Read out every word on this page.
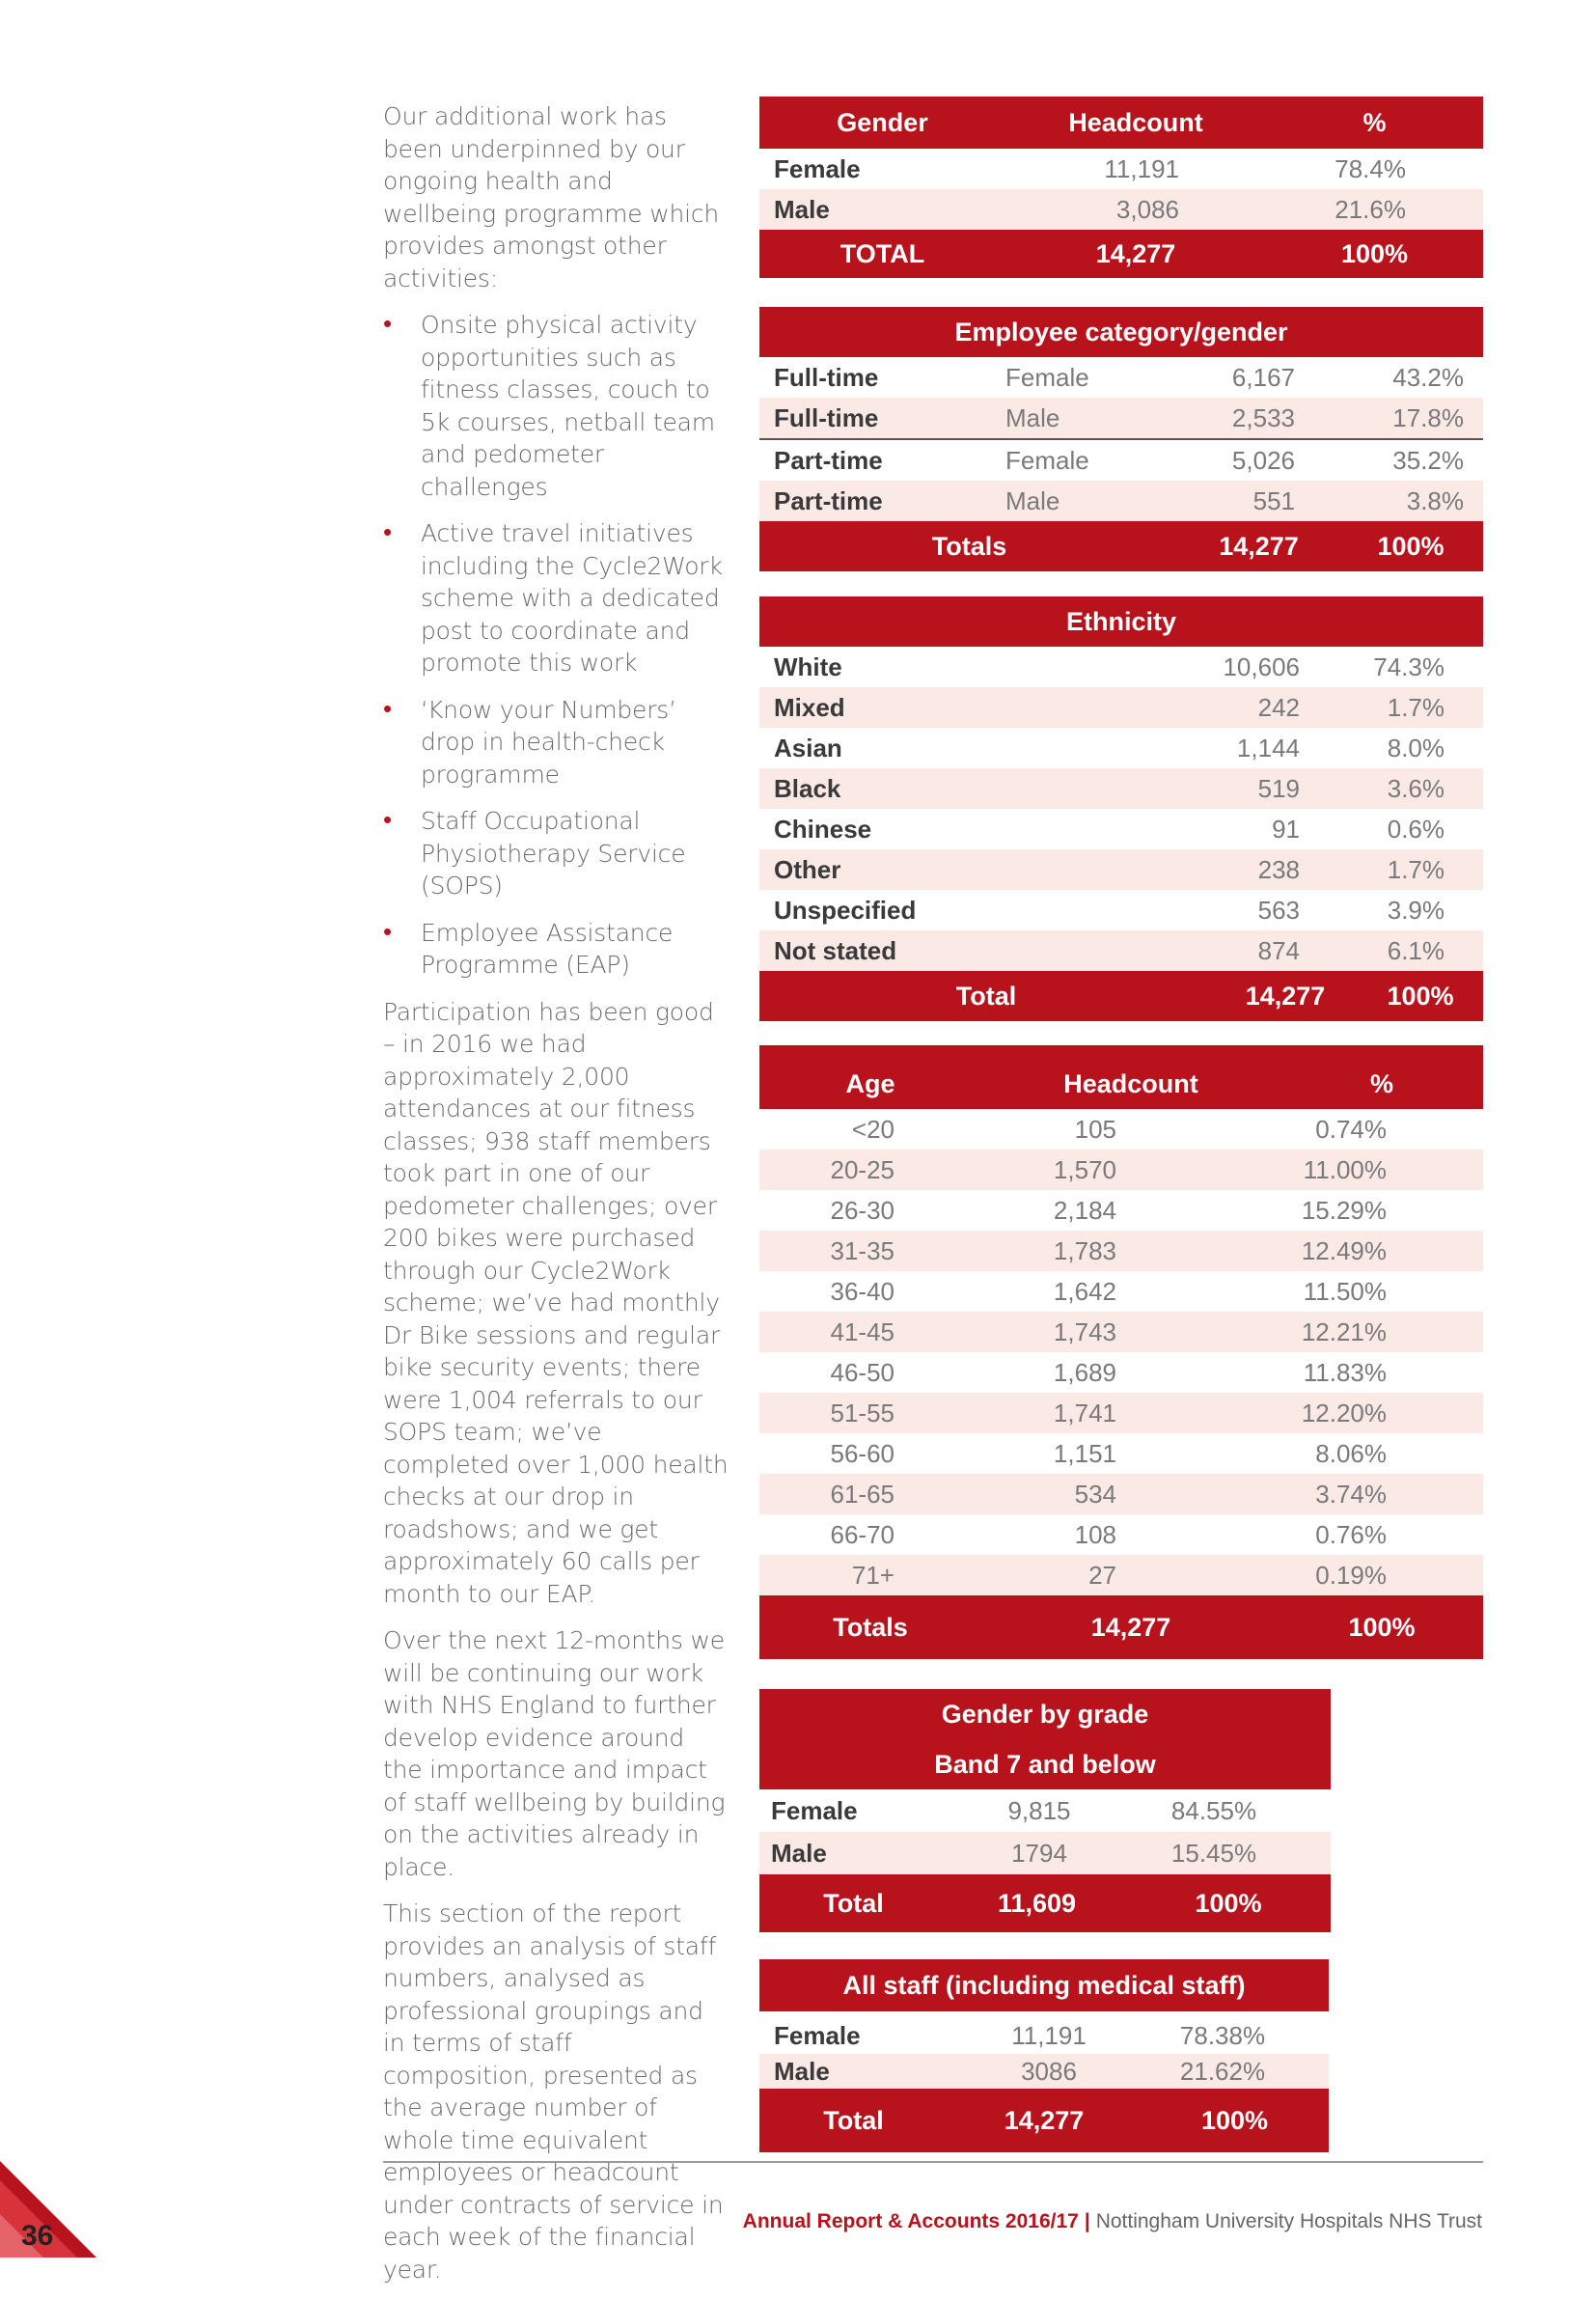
Our additional work has been underpinned by our ongoing health and wellbeing programme which provides amongst other activities:

• Onsite physical activity opportunities such as fitness classes, couch to 5k courses, netball team and pedometer challenges
• Active travel initiatives including the Cycle2Work scheme with a dedicated post to coordinate and promote this work
• ‘Know your Numbers’ drop in health-check programme
• Staff Occupational Physiotherapy Service (SOPS)
• Employee Assistance Programme (EAP)

Participation has been good – in 2016 we had approximately 2,000 attendances at our fitness classes; 938 staff members took part in one of our pedometer challenges; over 200 bikes were purchased through our Cycle2Work scheme; we’ve had monthly Dr Bike sessions and regular bike security events; there were 1,004 referrals to our SOPS team; we’ve completed over 1,000 health checks at our drop in roadshows; and we get approximately 60 calls per month to our EAP.

Over the next 12-months we will be continuing our work with NHS England to further develop evidence around the importance and impact of staff wellbeing by building on the activities already in place.

This section of the report provides an analysis of staff numbers, analysed as professional groupings and in terms of staff composition, presented as the average number of whole time equivalent employees or headcount under contracts of service in each week of the financial year.

Gender	Headcount	%
Female	11,191	78.4%
Male	3,086	21.6%
TOTAL	14,277	100%
Employee category/gender
Full-time	Female	6,167	43.2%
Full-time	Male	2,533	17.8%
Part-time	Female	5,026	35.2%
Part-time	Male	551	3.8%
Totals	14,277	100%
Ethnicity
White	10,606	74.3%
Mixed	242	1.7%
Asian	1,144	8.0%
Black	519	3.6%
Chinese	91	0.6%
Other	238	1.7%
Unspecified	563	3.9%
Not stated	874	6.1%
Total	14,277	100%
Age	Headcount	%
<20	105	0.74%
20-25	1,570	11.00%
26-30	2,184	15.29%
31-35	1,783	12.49%
36-40	1,642	11.50%
41-45	1,743	12.21%
46-50	1,689	11.83%
51-55	1,741	12.20%
56-60	1,151	8.06%
61-65	534	3.74%
66-70	108	0.76%
71+	27	0.19%
Totals	14,277	100%
Gender by grade
Band 7 and below
Female	9,815	84.55%
Male	1794	15.45%
Total	11,609	100%
All staff (including medical staff)
Female	11,191	78.38%
Male	3086	21.62%
Total	14,277	100%
Annual Report & Accounts 2016/17 | Nottingham University Hospitals NHS Trust
36
